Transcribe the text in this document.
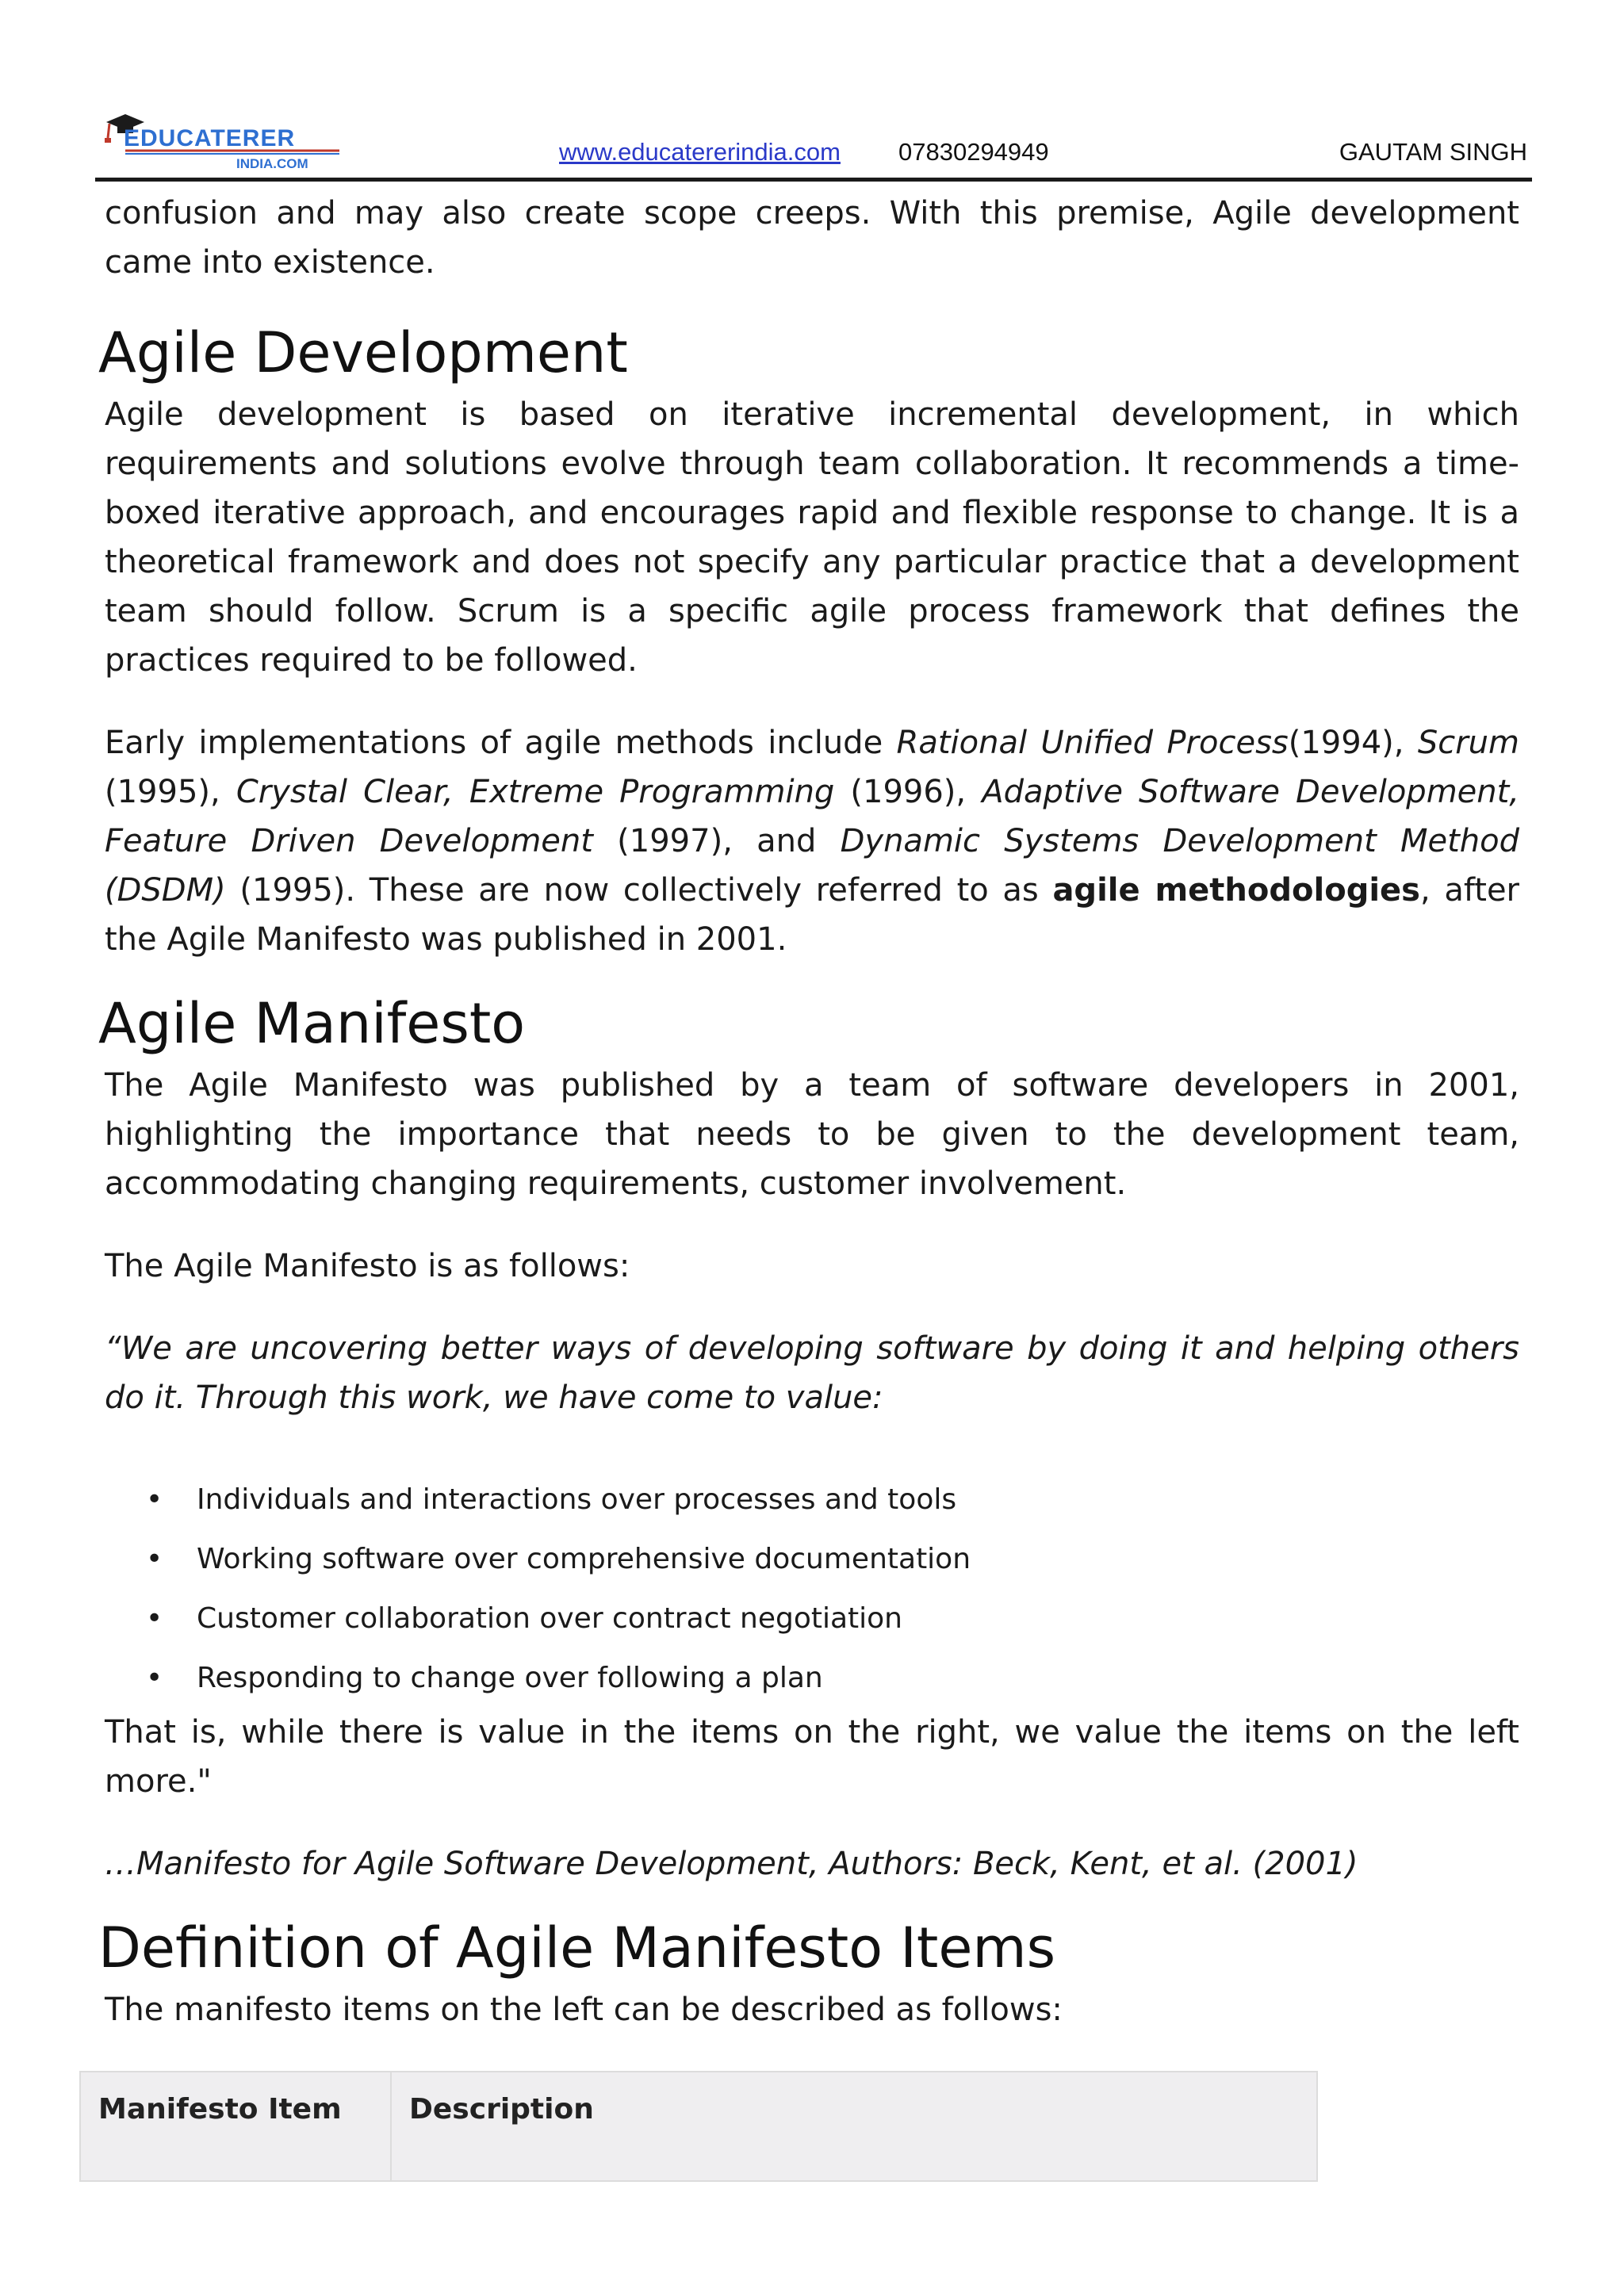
EDUCATERER
INDIA.COM	www.educatererindia.com 07830294949	GAUTAM SINGH

confusion and may also create scope creeps. With this premise, Agile development

came into existence.

Agile Development

Agile development is based on iterative incremental development, in which requirements and solutions evolve through team collaboration. It recommends a time-boxed iterative approach, and encourages rapid and flexible response to change. It is a theoretical framework and does not specify any particular practice that a development team should follow. Scrum is a specific agile process framework that defines the practices required to be followed.

Early implementations of agile methods include Rational Unified Process(1994), Scrum (1995), Crystal Clear, Extreme Programming (1996), Adaptive Software Development, Feature Driven Development (1997), and Dynamic Systems Development Method (DSDM) (1995). These are now collectively referred to as agile methodologies, after the Agile Manifesto was published in 2001.

Agile Manifesto

The Agile Manifesto was published by a team of software developers in 2001, highlighting the importance that needs to be given to the development team, accommodating changing requirements, customer involvement.

The Agile Manifesto is as follows:

“We are uncovering better ways of developing software by doing it and helping others do it. Through this work, we have come to value:

• Individuals and interactions over processes and tools
• Working software over comprehensive documentation
• Customer collaboration over contract negotiation
• Responding to change over following a plan

That is, while there is value in the items on the right, we value the items on the left more."

…Manifesto for Agile Software Development, Authors: Beck, Kent, et al. (2001)

Definition of Agile Manifesto Items

The manifesto items on the left can be described as follows:

Manifesto Item	Description
